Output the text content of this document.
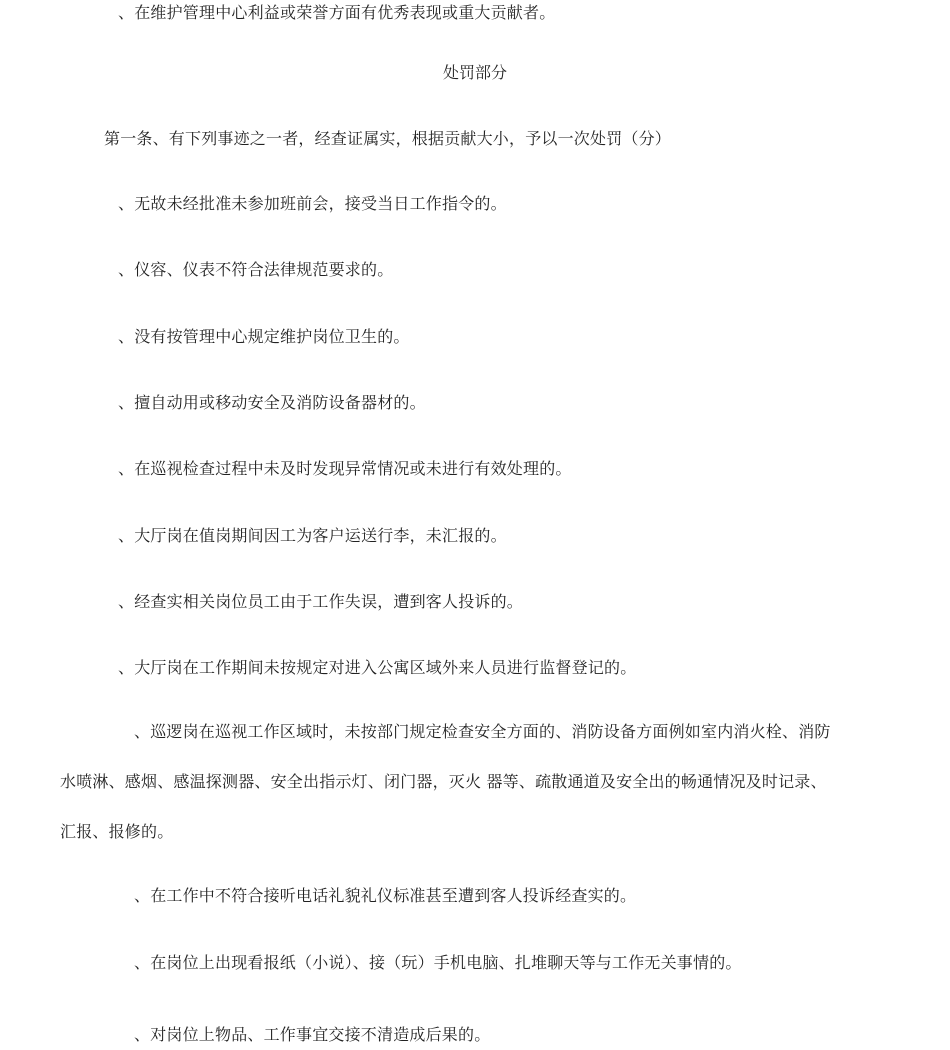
、在维护管理中心利益或荣誉方面有优秀表现或重大贡献者。
处罚部分
第一条、有下列事迹之一者，经查证属实，根据贡献大小，予以一次处罚（分）
、无故未经批准未参加班前会，接受当日工作指令的。
、仪容、仪表不符合法律规范要求的。
、没有按管理中心规定维护岗位卫生的。
、擅自动用或移动安全及消防设备器材的。
、在巡视检查过程中未及时发现异常情况或未进行有效处理的。
、大厅岗在值岗期间因工为客户运送行李，未汇报的。
、经查实相关岗位员工由于工作失误，遭到客人投诉的。
、大厅岗在工作期间未按规定对进入公寓区域外来人员进行监督登记的。
、巡逻岗在巡视工作区域时，未按部门规定检查安全方面的、消防设备方面例如室内消火栓、消防
水喷淋、感烟、感温探测器、安全出指示灯、闭门器，灭火 器等、疏散通道及安全出的畅通情况及时记录、
汇报、报修的。
、在工作中不符合接听电话礼貌礼仪标准甚至遭到客人投诉经查实的。
、在岗位上出现看报纸（小说）、接（玩）手机电脑、扎堆聊天等与工作无关事情的。
、对岗位上物品、工作事宜交接不清造成后果的。
